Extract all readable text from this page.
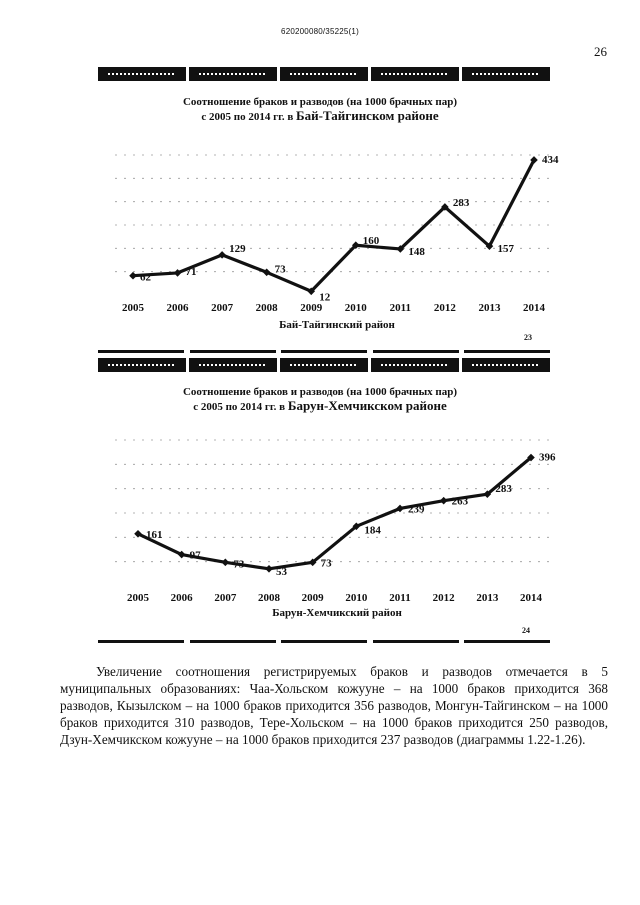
620200080/35225(1)
26
Соотношение браков и разводов (на 1000 брачных пар)
с 2005 по 2014 гг. в Бай-Тайгинском районе
62	71
129
73
12
160
148
283
157
434
2005 2006 2007 2008 2009 2010 2011 2012 2013 2014
Бай-Тайгинский район
23
Соотношение браков и разводов (на 1000 брачных пар)
с 2005 по 2014 гг. в Барун-Хемчикском районе
161
97
73
53
73
184
239
263
283
396
2005 2006 2007 2008 2009 2010 2011 2012 2013 2014
Барун-Хемчикский район
24
Увеличение соотношения регистрируемых браков и разводов отмечается в 5 муниципальных образованиях: Чаа-Хольском кожууне – на 1000 браков приходится 368 разводов, Кызылском – на 1000 браков приходится 356 разводов, Монгун-Тайгинском – на 1000 браков приходится 310 разводов, Тере-Хольском – на 1000 браков приходится 250 разводов, Дзун-Хемчикском кожууне – на 1000 браков приходится 237 разводов (диаграммы 1.22-1.26).
